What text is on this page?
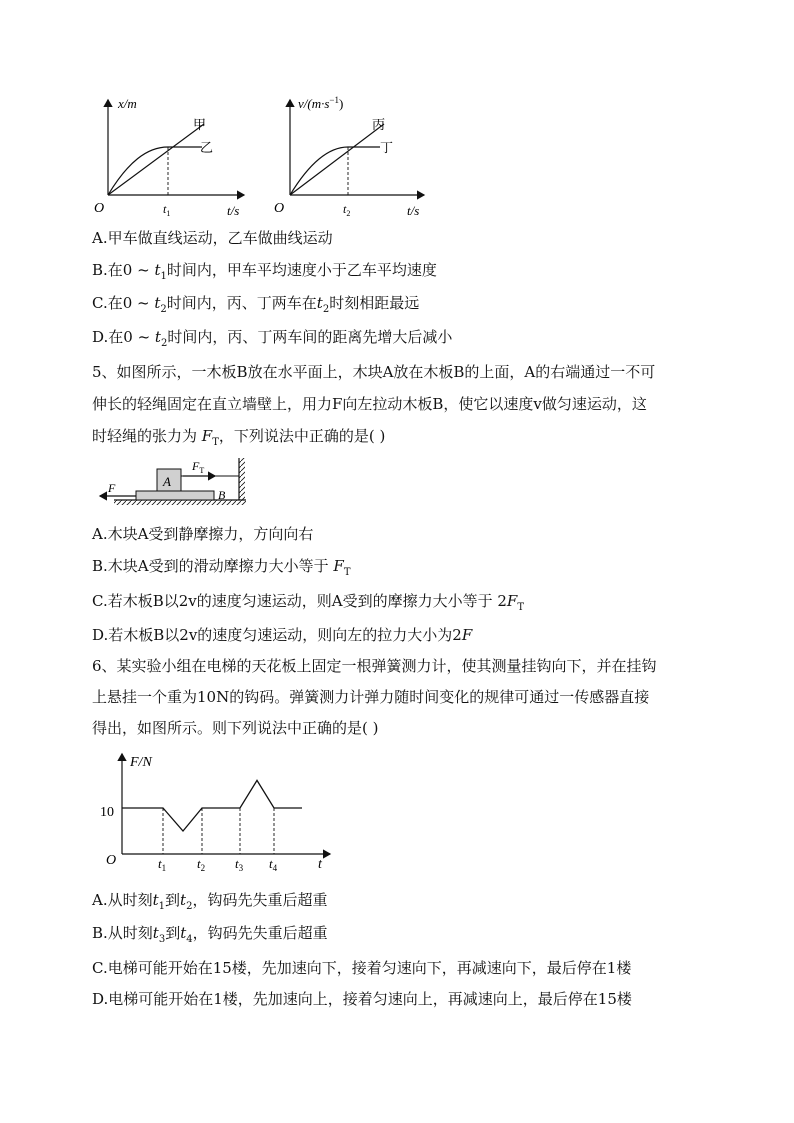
x/m
甲
乙
O	$t_1$	t/s
$v/(m\cdot s^{-1})$
丙
丁
O	$t_2$	t/s
A.甲车做直线运动，乙车做曲线运动
B.在0 ~ $t_1$时间内，甲车平均速度小于乙车平均速度
C.在0 ~ $t_2$时间内，丙、丁两车在$t_2$时刻相距最远
D.在0 ~ $t_2$时间内，丙、丁两车间的距离先增大后减小
5、如图所示，一木板B放在水平面上，木块A放在木板B的上面，A的右端通过一不可
伸长的轻绳固定在直立墙壁上，用力F向左拉动木板B，使它以速度v做匀速运动，这
时轻绳的张力为 $F_T$，下列说法中正确的是( )
A
B
F
$F_T$
A.木块A受到静摩擦力，方向向右
B.木块A受到的滑动摩擦力大小等于 $F_T$
C.若木板B以2v的速度匀速运动，则A受到的摩擦力大小等于 $2F_T$
D.若木板B以2v的速度匀速运动，则向左的拉力大小为2F
6、某实验小组在电梯的天花板上固定一根弹簧测力计，使其测量挂钩向下，并在挂钩
上悬挂一个重为10N的钩码。弹簧测力计弹力随时间变化的规律可通过一传感器直接
得出，如图所示。则下列说法中正确的是( )
F/N
O	t
10
$t_1$ $t_2$ $t_3$ $t_4$
A.从时刻$t_1$到$t_2$，钩码先失重后超重
B.从时刻$t_3$到$t_4$，钩码先失重后超重
C.电梯可能开始在15楼，先加速向下，接着匀速向下，再减速向下，最后停在1楼
D.电梯可能开始在1楼，先加速向上，接着匀速向上，再减速向上，最后停在15楼
